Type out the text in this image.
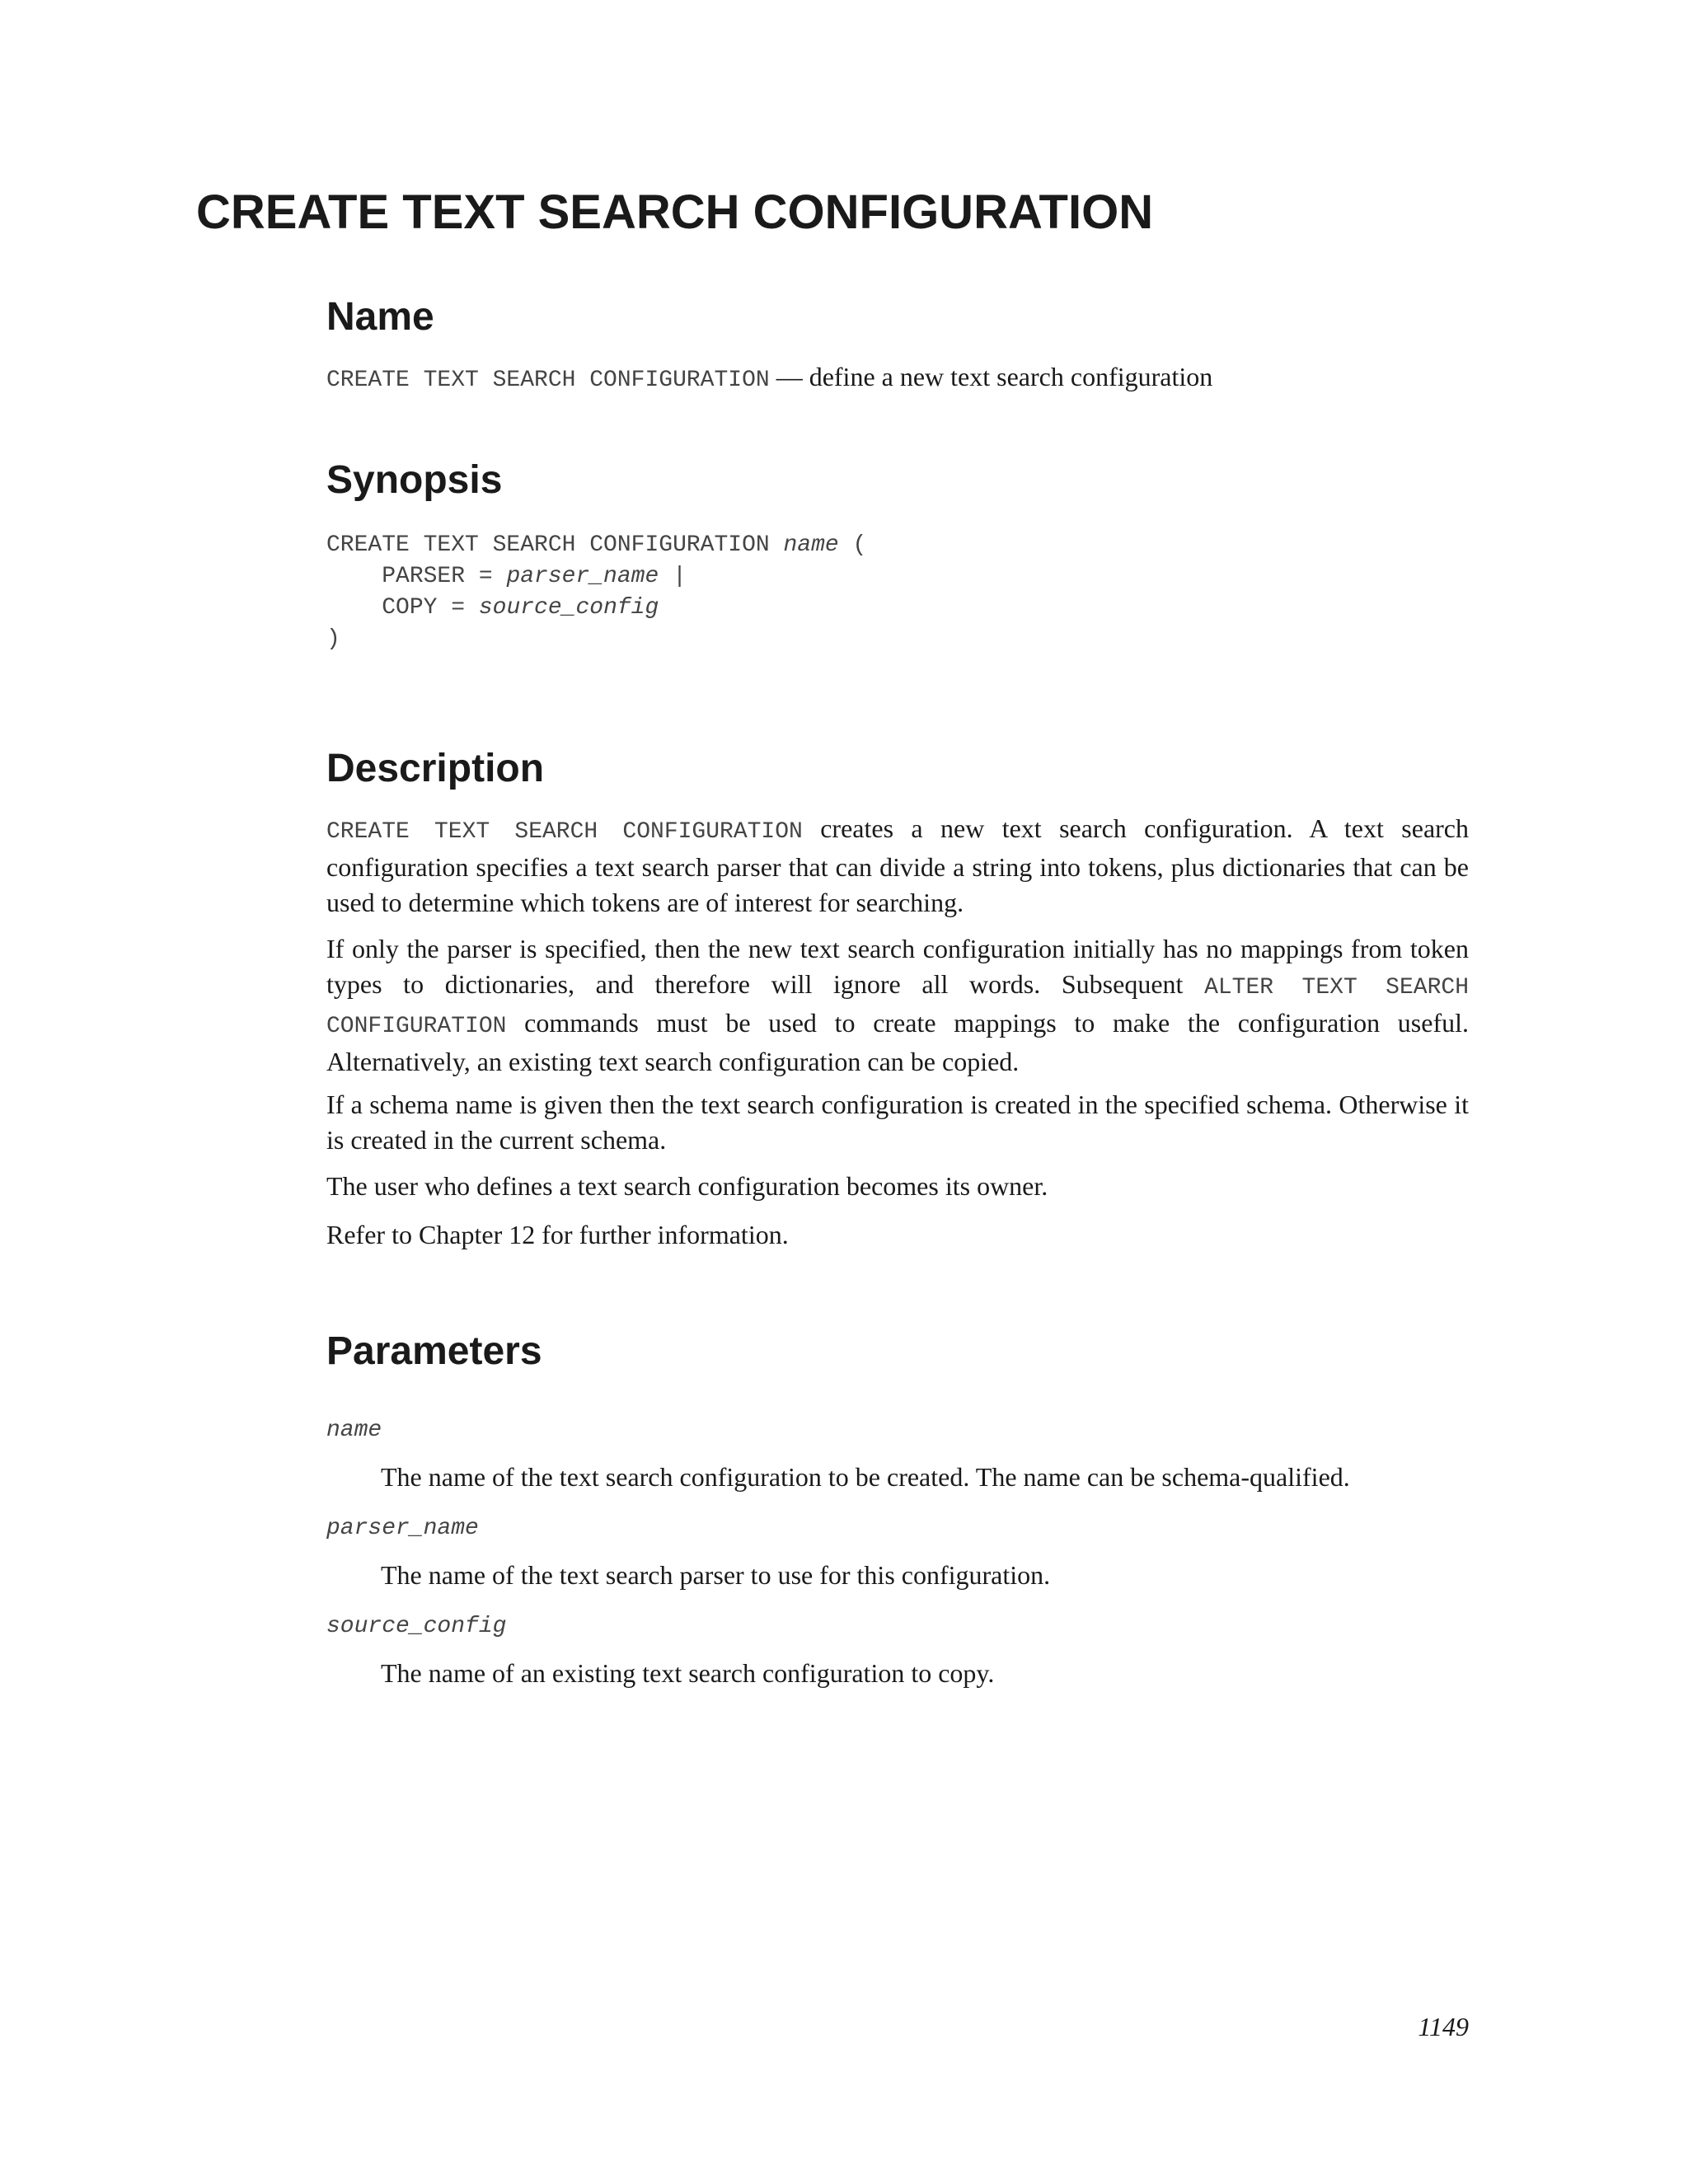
CREATE TEXT SEARCH CONFIGURATION
Name
CREATE TEXT SEARCH CONFIGURATION — define a new text search configuration
Synopsis
CREATE TEXT SEARCH CONFIGURATION name (
PARSER = parser_name |
COPY = source_config
)
Description

CREATE TEXT SEARCH CONFIGURATION creates a new text search configuration. A text search configuration specifies a text search parser that can divide a string into tokens, plus dictionaries that can be used to determine which tokens are of interest for searching.

If only the parser is specified, then the new text search configuration initially has no mappings from token types to dictionaries, and therefore will ignore all words. Subsequent ALTER TEXT SEARCH CONFIGURATION commands must be used to create mappings to make the configuration useful. Alternatively, an existing text search configuration can be copied.

If a schema name is given then the text search configuration is created in the specified schema. Otherwise it is created in the current schema.

The user who defines a text search configuration becomes its owner.

Refer to Chapter 12 for further information.

Parameters
name
The name of the text search configuration to be created. The name can be schema-qualified.
parser_name
The name of the text search parser to use for this configuration.
source_config
The name of an existing text search configuration to copy.
1149
